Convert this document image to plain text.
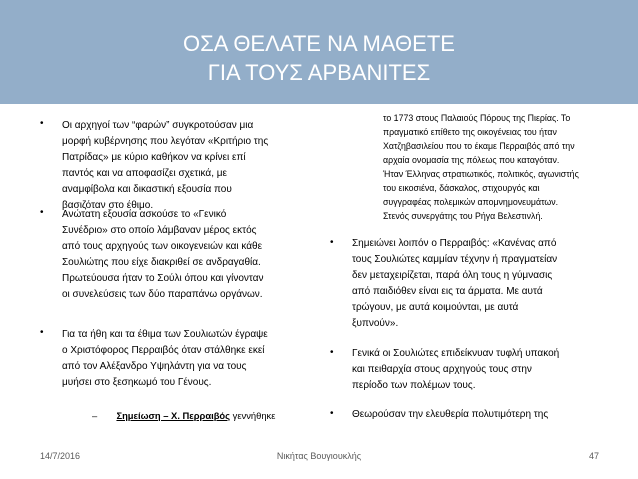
ΟΣΑ ΘΕΛΑΤΕ ΝΑ ΜΑΘΕΤΕ
ΓΙΑ ΤΟΥΣ ΑΡΒΑΝΙΤΕΣ
• Οι αρχηγοί των “φαρών” συγκροτούσαν μια
μορφή κυβέρνησης που λεγόταν «Κριτήριο της
Πατρίδας» με κύριο καθήκον να κρίνει επί
παντός και να αποφασίζει σχετικά, με
αναμφίβολα και δικαστική εξουσία που
βασιζόταν στο έθιμο.
• Ανώτατη εξουσία ασκούσε το «Γενικό
Συνέδριο» στο οποίο λάμβαναν μέρος εκτός
από τους αρχηγούς των οικογενειών και κάθε
Σουλιώτης που είχε διακριθεί σε ανδραγαθία.
Πρωτεύουσα ήταν το Σούλι όπου και γίνονταν
οι συνελεύσεις των δύο παραπάνω οργάνων.
• Για τα ήθη και τα έθιμα των Σουλιωτών έγραψε
ο Χριστόφορος Περραιβός όταν στάλθηκε εκεί
από τον Αλέξανδρο Υψηλάντη για να τους
μυήσει στο ξεσηκωμό του Γένους.
– Σημείωση – Χ. Περραιβός γεννήθηκε
το 1773 στους Παλαιούς Πόρους της Πιερίας. Το
πραγματικό επίθετο της οικογένειας του ήταν
Χατζηβασιλείου που το έκαμε Περραιβός από την
αρχαία ονομασία της πόλεως που καταγόταν.
Ήταν Έλληνας στρατιωτικός, πολιτικός, αγωνιστής
του εικοσιένα, δάσκαλος, στιχουργός και
συγγραφέας πολεμικών απομνημονευμάτων.
Στενός συνεργάτης του Ρήγα Βελεστινλή.
• Σημειώνει λοιπόν ο Περραιβός: «Κανένας από
τους Σουλιώτες καμμίαν τέχνην ή πραγματείαν
δεν μεταχειρίζεται, παρά όλη τους η γύμνασις
από παιδιόθεν είναι εις τα άρματα. Με αυτά
τρώγουν, με αυτά κοιμούνται, με αυτά
ξυπνούν».
• Γενικά οι Σουλιώτες επιδείκνυαν τυφλή υπακοή
και πειθαρχία στους αρχηγούς τους στην
περίοδο των πολέμων τους.
• Θεωρούσαν την ελευθερία πολυτιμότερη της
14/7/2016	Νικήτας Βουγιουκλής	47
